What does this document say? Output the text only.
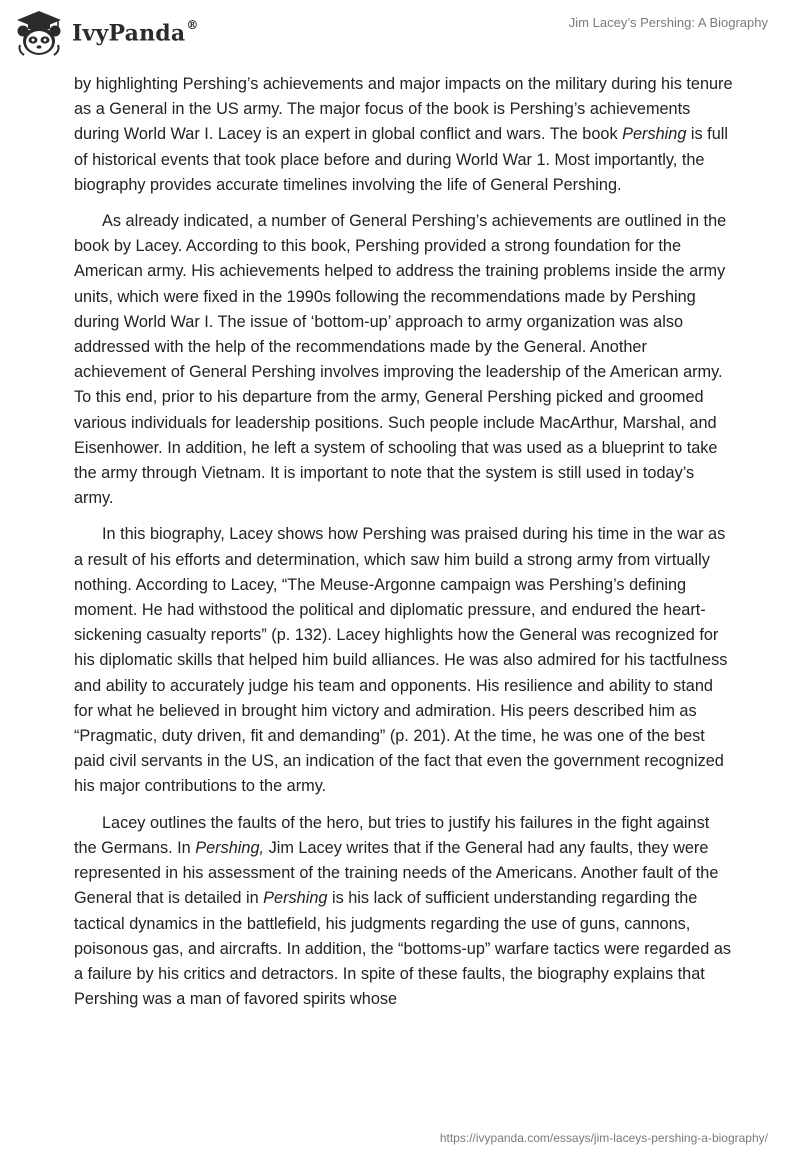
IvyPanda®	Jim Lacey’s Pershing: A Biography

by highlighting Pershing’s achievements and major impacts on the military during his tenure as a General in the US army. The major focus of the book is Pershing’s achievements during World War I. Lacey is an expert in global conflict and wars. The book Pershing is full of historical events that took place before and during World War 1. Most importantly, the biography provides accurate timelines involving the life of General Pershing.

As already indicated, a number of General Pershing’s achievements are outlined in the book by Lacey. According to this book, Pershing provided a strong foundation for the American army. His achievements helped to address the training problems inside the army units, which were fixed in the 1990s following the recommendations made by Pershing during World War I. The issue of ‘bottom-up’ approach to army organization was also addressed with the help of the recommendations made by the General. Another achievement of General Pershing involves improving the leadership of the American army. To this end, prior to his departure from the army, General Pershing picked and groomed various individuals for leadership positions. Such people include MacArthur, Marshal, and Eisenhower. In addition, he left a system of schooling that was used as a blueprint to take the army through Vietnam. It is important to note that the system is still used in today’s army.

In this biography, Lacey shows how Pershing was praised during his time in the war as a result of his efforts and determination, which saw him build a strong army from virtually nothing. According to Lacey, “The Meuse-Argonne campaign was Pershing’s defining moment. He had withstood the political and diplomatic pressure, and endured the heart-sickening casualty reports” (p. 132). Lacey highlights how the General was recognized for his diplomatic skills that helped him build alliances. He was also admired for his tactfulness and ability to accurately judge his team and opponents. His resilience and ability to stand for what he believed in brought him victory and admiration. His peers described him as “Pragmatic, duty driven, fit and demanding” (p. 201). At the time, he was one of the best paid civil servants in the US, an indication of the fact that even the government recognized his major contributions to the army.

Lacey outlines the faults of the hero, but tries to justify his failures in the fight against the Germans. In Pershing, Jim Lacey writes that if the General had any faults, they were represented in his assessment of the training needs of the Americans. Another fault of the General that is detailed in Pershing is his lack of sufficient understanding regarding the tactical dynamics in the battlefield, his judgments regarding the use of guns, cannons, poisonous gas, and aircrafts. In addition, the “bottoms-up” warfare tactics were regarded as a failure by his critics and detractors. In spite of these faults, the biography explains that Pershing was a man of favored spirits whose

https://ivypanda.com/essays/jim-laceys-pershing-a-biography/
